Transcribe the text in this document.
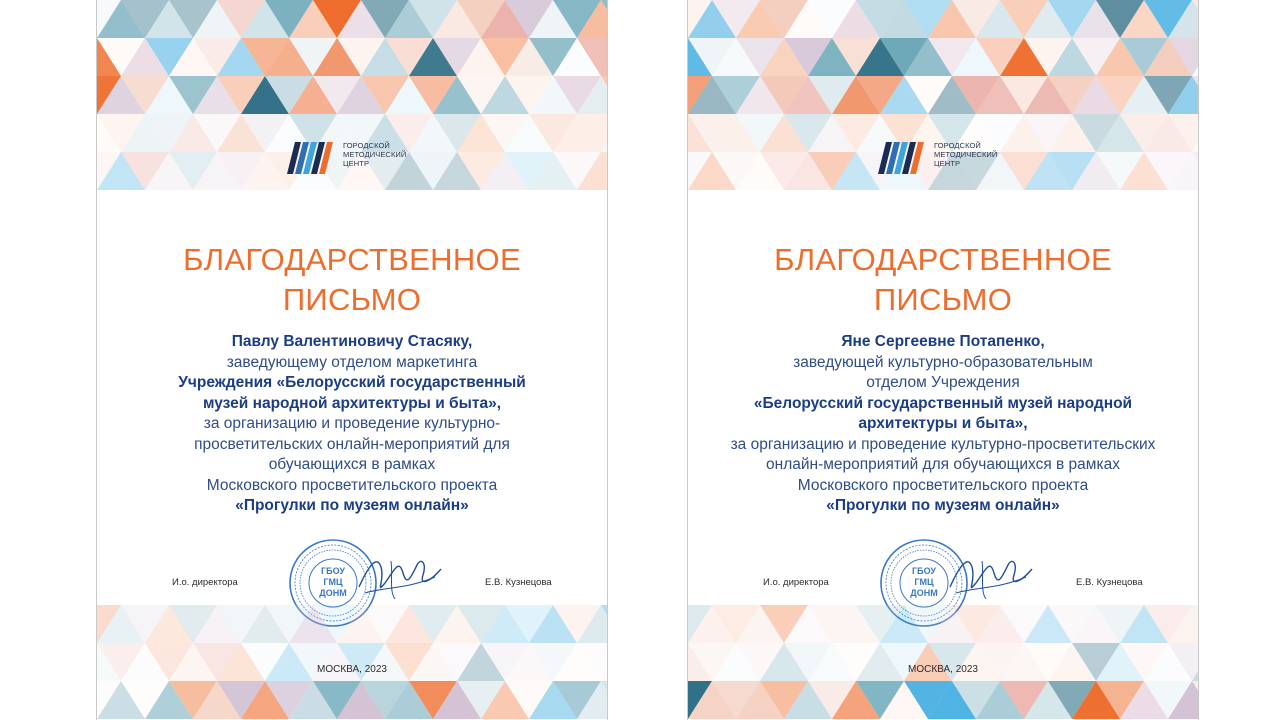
ГОРОДСКОЙ
МЕТОДИЧЕСКИЙ
ЦЕНТР
БЛАГОДАРСТВЕННОЕ
ПИСЬМО
Павлу Валентиновичу Стасяку,
заведующему отделом маркетинга
Учреждения «Белорусский государственный
музей народной архитектуры и быта»,
за организацию и проведение культурно-
просветительских онлайн-мероприятий для
обучающихся в рамках
Московского просветительского проекта
«Прогулки по музеям онлайн»
И.о. директора
ГБОУ
ГМЦ
ДОНМ
Е.В. Кузнецова
МОСКВА, 2023
ГОРОДСКОЙ
МЕТОДИЧЕСКИЙ
ЦЕНТР
БЛАГОДАРСТВЕННОЕ
ПИСЬМО
Яне Сергеевне Потапенко,
заведующей культурно-образовательным
отделом Учреждения
«Белорусский государственный музей народной
архитектуры и быта»,
за организацию и проведение культурно-просветительских
онлайн-мероприятий для обучающихся в рамках
Московского просветительского проекта
«Прогулки по музеям онлайн»
И.о. директора
ГБОУ
ГМЦ
ДОНМ
Е.В. Кузнецова
МОСКВА, 2023
